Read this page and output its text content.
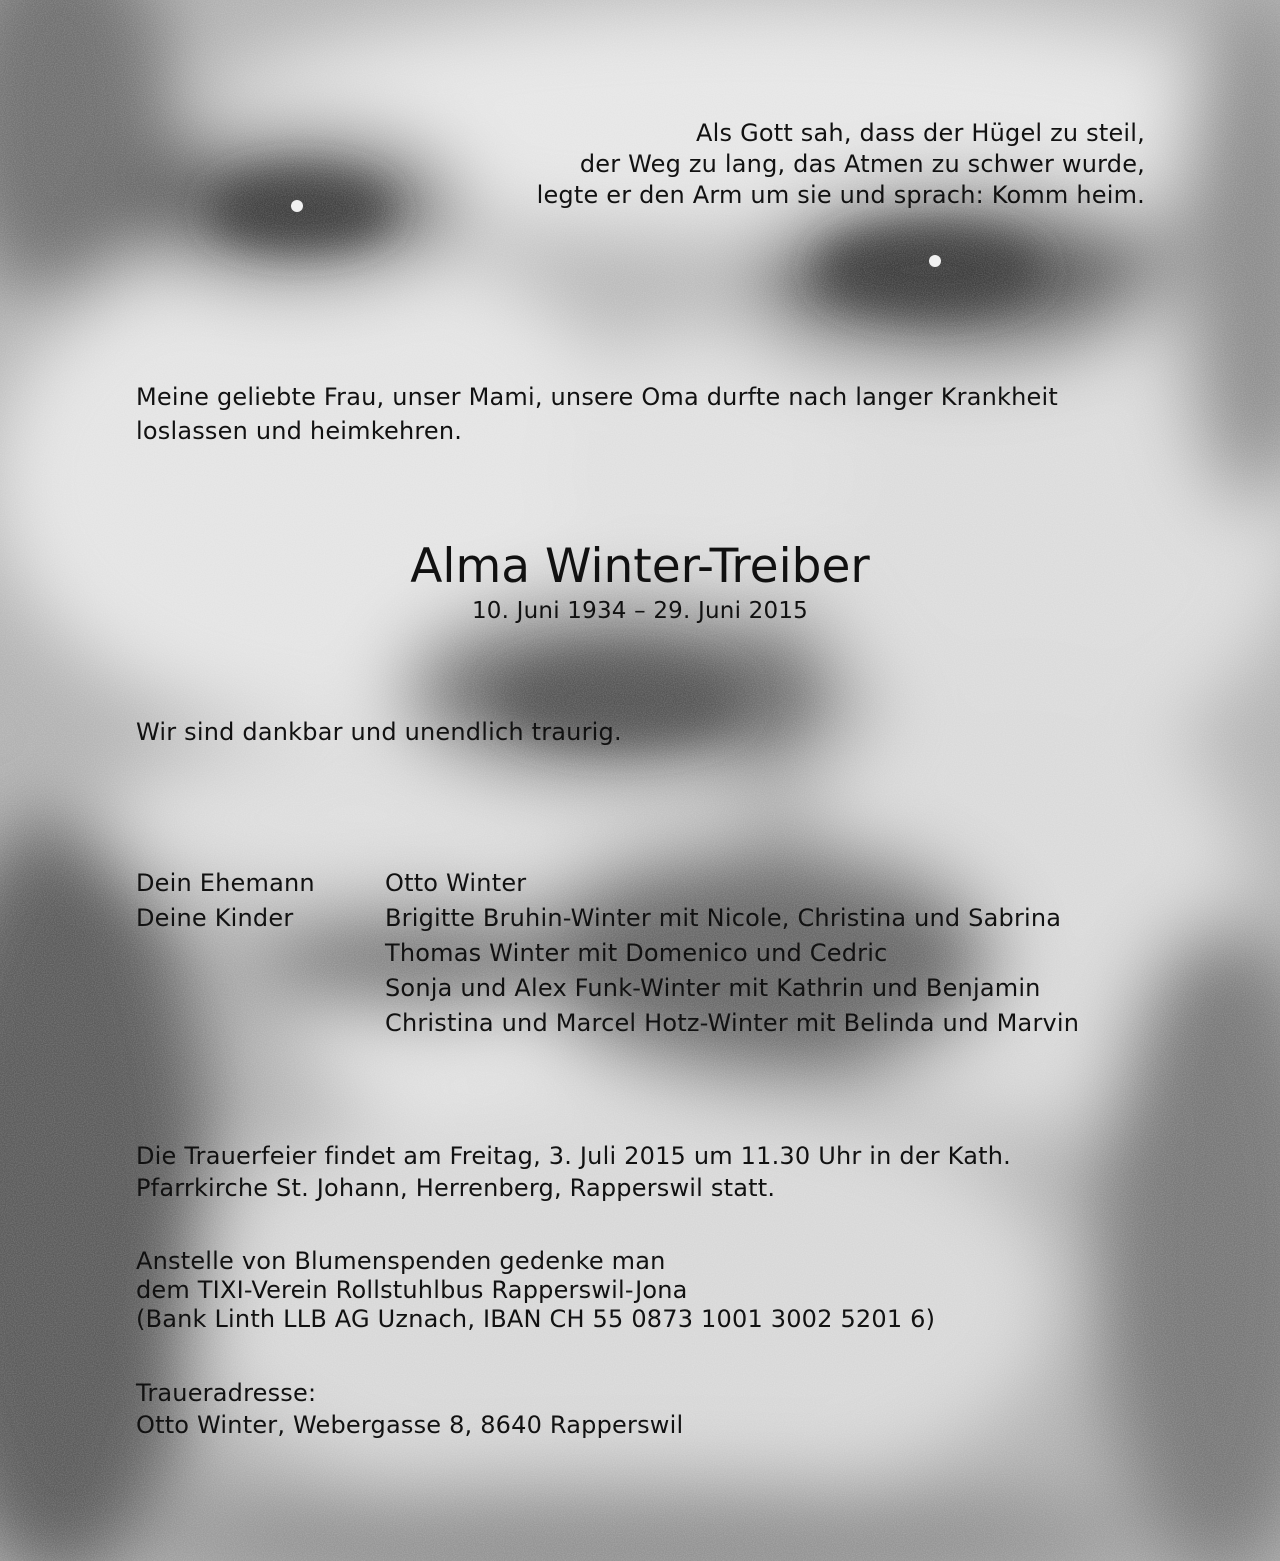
Als Gott sah, dass der Hügel zu steil,
der Weg zu lang, das Atmen zu schwer wurde,
legte er den Arm um sie und sprach: Komm heim.
Meine geliebte Frau, unser Mami, unsere Oma durfte nach langer Krankheit loslassen und heimkehren.
Alma Winter-Treiber
10. Juni 1934 – 29. Juni 2015
Wir sind dankbar und unendlich traurig.
Dein Ehemann	Otto Winter
Deine Kinder	Brigitte Bruhin-Winter mit Nicole, Christina und Sabrina
Thomas Winter mit Domenico und Cedric
Sonja und Alex Funk-Winter mit Kathrin und Benjamin
Christina und Marcel Hotz-Winter mit Belinda und Marvin
Die Trauerfeier findet am Freitag, 3. Juli 2015 um 11.30 Uhr in der Kath.
Pfarrkirche St. Johann, Herrenberg, Rapperswil statt.
Anstelle von Blumenspenden gedenke man
dem TIXI-Verein Rollstuhlbus Rapperswil-Jona
(Bank Linth LLB AG Uznach, IBAN CH 55 0873 1001 3002 5201 6)
Traueradresse:
Otto Winter, Webergasse 8, 8640 Rapperswil
